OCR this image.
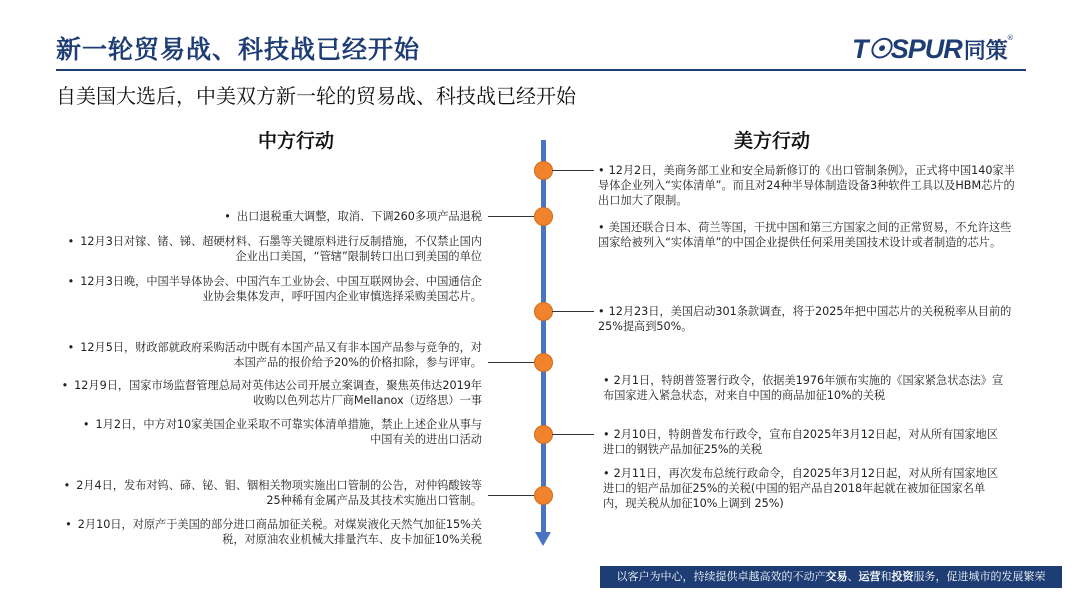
新一轮贸易战、科技战已经开始	T☉SPUR 同策
®
自美国大选后，中美双方新一轮的贸易战、科技战已经开始
中方行动	美方行动
• 出口退税重大调整，取消、下调260多项产品退税
• 12月3日对镓、锗、锑、超硬材料、石墨等关键原料进行反制措施，不仅禁止国内企业出口美国，“管辖”限制转口出口到美国的单位
• 12月3日晚，中国半导体协会、中国汽车工业协会、中国互联网协会、中国通信企业协会集体发声，呼吁国内企业审慎选择采购美国芯片。
• 12月5日，财政部就政府采购活动中既有本国产品又有非本国产品参与竞争的，对本国产品的报价给予20%的价格扣除，参与评审。
• 12月9日，国家市场监督管理总局对英伟达公司开展立案调查，聚焦英伟达2019年收购以色列芯片厂商Mellanox（迈络思）一事
• 1月2日，中方对10家美国企业采取不可靠实体清单措施，禁止上述企业从事与中国有关的进出口活动
• 2月4日，发布对钨、碲、铋、钼、铟相关物项实施出口管制的公告，对仲钨酸铵等25种稀有金属产品及其技术实施出口管制。
• 2月10日，对原产于美国的部分进口商品加征关税。对煤炭液化天然气加征15%关税，对原油农业机械大排量汽车、皮卡加征10%关税
• 12月2日，美商务部工业和安全局新修订的《出口管制条例》，正式将中国140家半导体企业列入“实体清单”。而且对24种半导体制造设备3种软件工具以及HBM芯片的出口加大了限制。
• 美国还联合日本、荷兰等国，干扰中国和第三方国家之间的正常贸易，不允许这些国家给被列入“实体清单”的中国企业提供任何采用美国技术设计或者制造的芯片。
• 12月23日，美国启动301条款调查，将于2025年把中国芯片的关税税率从目前的25%提高到50%。
• 2月1日，特朗普签署行政令，依据美1976年颁布实施的《国家紧急状态法》宣布国家进入紧急状态，对来自中国的商品加征10%的关税
• 2月10日，特朗普发布行政令，宣布自2025年3月12日起，对从所有国家地区进口的钢铁产品加征25%的关税
• 2月11日，再次发布总统行政命令，自2025年3月12日起，对从所有国家地区进口的铝产品加征25%的关税(中国的铝产品自2018年起就在被加征国家名单内，现关税从加征10%上调到 25%)
以客户为中心，持续提供卓越高效的不动产交易、运营和投资服务，促进城市的发展繁荣
